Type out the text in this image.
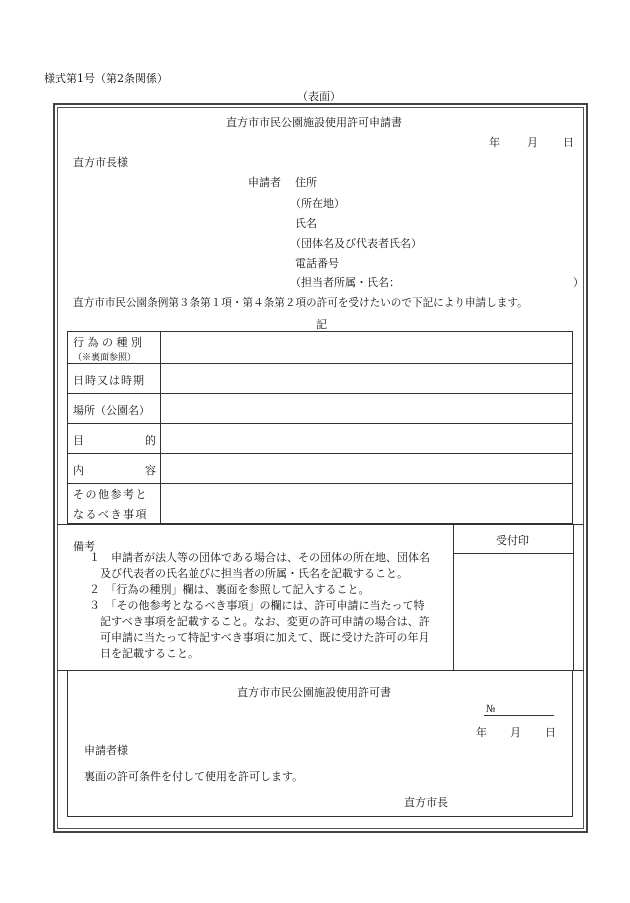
様式第1号（第2条関係）
（表面）
直方市市民公園施設使用許可申請書
年 月 日
直方市長様
申請者 住所
（所在地）
氏名
（団体名及び代表者氏名）
電話番号
（担当者所属・氏名：	）
直方市市民公園条例第３条第１項・第４条第２項の許可を受けたいので下記により申請します。
記
行 為 の 種 別
（※裏面参照）
日時又は時期
場所（公園名）
目	的
内	容
その他参考と
なるべき事項
受付印
備考
１　申請者が法人等の団体である場合は、その団体の所在地、団体名
　及び代表者の氏名並びに担当者の所属・氏名を記載すること。
２　「行為の種別」欄は、裏面を参照して記入すること。
３　「その他参考となるべき事項」の欄には、許可申請に当たって特
　記すべき事項を記載すること。なお、変更の許可申請の場合は、許
　可申請に当たって特記すべき事項に加えて、既に受けた許可の年月
　日を記載すること。
直方市市民公園施設使用許可書
№
年 月 日
申請者様
裏面の許可条件を付して使用を許可します。
直方市長
